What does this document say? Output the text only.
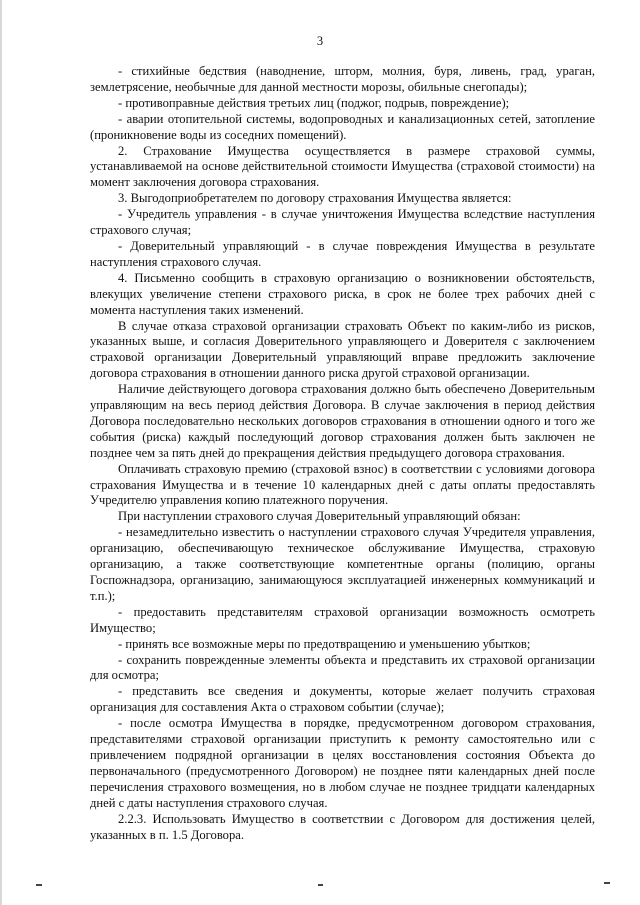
3

- стихийные бедствия (наводнение, шторм, молния, буря, ливень, град, ураган, землетрясение, необычные для данной местности морозы, обильные снегопады);

- противоправные действия третьих лиц (поджог, подрыв, повреждение);

- аварии отопительной системы, водопроводных и канализационных сетей, затопление (проникновение воды из соседних помещений).

2. Страхование Имущества осуществляется в размере страховой суммы, устанавливаемой на основе действительной стоимости Имущества (страховой стоимости) на момент заключения договора страхования.

3. Выгодоприобретателем по договору страхования Имущества является:

- Учредитель управления - в случае уничтожения Имущества вследствие наступления страхового случая;

- Доверительный управляющий - в случае повреждения Имущества в результате наступления страхового случая.

4. Письменно сообщить в страховую организацию о возникновении обстоятельств, влекущих увеличение степени страхового риска, в срок не более трех рабочих дней с момента наступления таких изменений.

В случае отказа страховой организации страховать Объект по каким-либо из рисков, указанных выше, и согласия Доверительного управляющего и Доверителя с заключением страховой организации Доверительный управляющий вправе предложить заключение договора страхования в отношении данного риска другой страховой организации.

Наличие действующего договора страхования должно быть обеспечено Доверительным управляющим на весь период действия Договора. В случае заключения в период действия Договора последовательно нескольких договоров страхования в отношении одного и того же события (риска) каждый последующий договор страхования должен быть заключен не позднее чем за пять дней до прекращения действия предыдущего договора страхования.

Оплачивать страховую премию (страховой взнос) в соответствии с условиями договора страхования Имущества и в течение 10 календарных дней с даты оплаты предоставлять Учредителю управления копию платежного поручения.

При наступлении страхового случая Доверительный управляющий обязан:

- незамедлительно известить о наступлении страхового случая Учредителя управления, организацию, обеспечивающую техническое обслуживание Имущества, страховую организацию, а также соответствующие компетентные органы (полицию, органы Госпожнадзора, организацию, занимающуюся эксплуатацией инженерных коммуникаций и т.п.);

- предоставить представителям страховой организации возможность осмотреть Имущество;

- принять все возможные меры по предотвращению и уменьшению убытков;

- сохранить поврежденные элементы объекта и представить их страховой организации для осмотра;

- представить все сведения и документы, которые желает получить страховая организация для составления Акта о страховом событии (случае);

- после осмотра Имущества в порядке, предусмотренном договором страхования, представителями страховой организации приступить к ремонту самостоятельно или с привлечением подрядной организации в целях восстановления состояния Объекта до первоначального (предусмотренного Договором) не позднее пяти календарных дней после перечисления страхового возмещения, но в любом случае не позднее тридцати календарных дней с даты наступления страхового случая.

2.2.3. Использовать Имущество в соответствии с Договором для достижения целей, указанных в п. 1.5 Договора.
